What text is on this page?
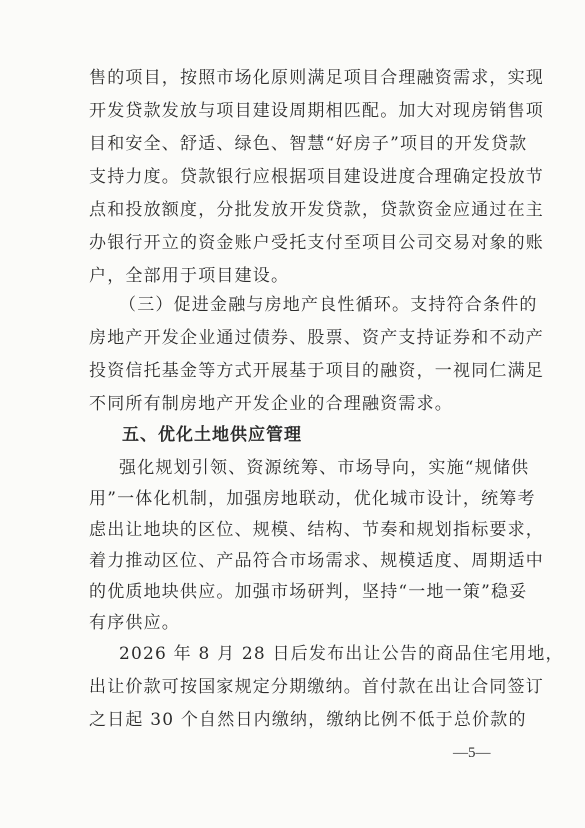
售的项目，按照市场化原则满足项目合理融资需求，实现
开发贷款发放与项目建设周期相匹配。加大对现房销售项
目和安全、舒适、绿色、智慧“好房子”项目的开发贷款
支持力度。贷款银行应根据项目建设进度合理确定投放节
点和投放额度，分批发放开发贷款，贷款资金应通过在主
办银行开立的资金账户受托支付至项目公司交易对象的账
户，全部用于项目建设。
（三）促进金融与房地产良性循环。支持符合条件的
房地产开发企业通过债券、股票、资产支持证券和不动产
投资信托基金等方式开展基于项目的融资，一视同仁满足
不同所有制房地产开发企业的合理融资需求。
五、优化土地供应管理
强化规划引领、资源统筹、市场导向，实施“规储供
用”一体化机制，加强房地联动，优化城市设计，统筹考
虑出让地块的区位、规模、结构、节奏和规划指标要求，
着力推动区位、产品符合市场需求、规模适度、周期适中
的优质地块供应。加强市场研判，坚持“一地一策”稳妥
有序供应。
2026 年 8 月 28 日后发布出让公告的商品住宅用地，
出让价款可按国家规定分期缴纳。首付款在出让合同签订
之日起 30 个自然日内缴纳，缴纳比例不低于总价款的
—5—
